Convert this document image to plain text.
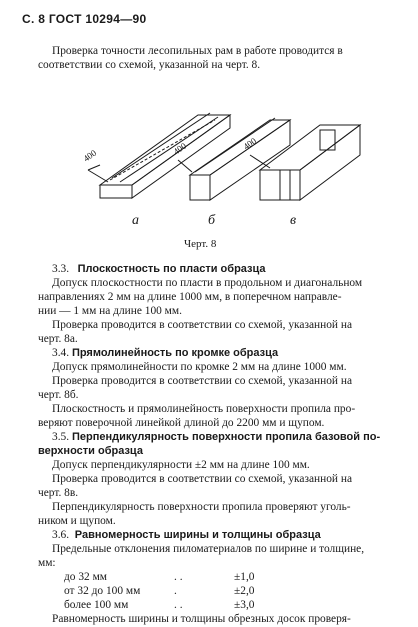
С. 8 ГОСТ 10294—90
Проверка точности лесопильных рам в работе проводится в
соответствии со схемой, указанной на черт. 8.
400	400	400
а	б	в
Черт. 8
3.3. Плоскостность по пласти образца
Допуск плоскостности по пласти в продольном и диагональном
направлениях 2 мм на длине 1000 мм, в поперечном направле-
нии — 1 мм на длине 100 мм.
Проверка проводится в соответствии со схемой, указанной на
черт. 8а.
3.4. Прямолинейность по кромке образца
Допуск прямолинейности по кромке 2 мм на длине 1000 мм.
Проверка проводится в соответствии со схемой, указанной на
черт. 8б.
Плоскостность и прямолинейность поверхности пропила про-
веряют поверочной линейкой длиной до 2200 мм и щупом.
3.5. Перпендикулярность поверхности пропила базовой по-
верхности образца
Допуск перпендикулярности ±2 мм на длине 100 мм.
Проверка проводится в соответствии со схемой, указанной на
черт. 8в.
Перпендикулярность поверхности пропила проверяют уголь-
ником и щупом.
3.6. Равномерность ширины и толщины образца
Предельные отклонения пиломатериалов по ширине и толщине,
мм:
до 32 мм	. .	±1,0
от 32 до 100 мм	.	±2,0
более 100 мм	. .	±3,0
Равномерность ширины и толщины обрезных досок проверя-
